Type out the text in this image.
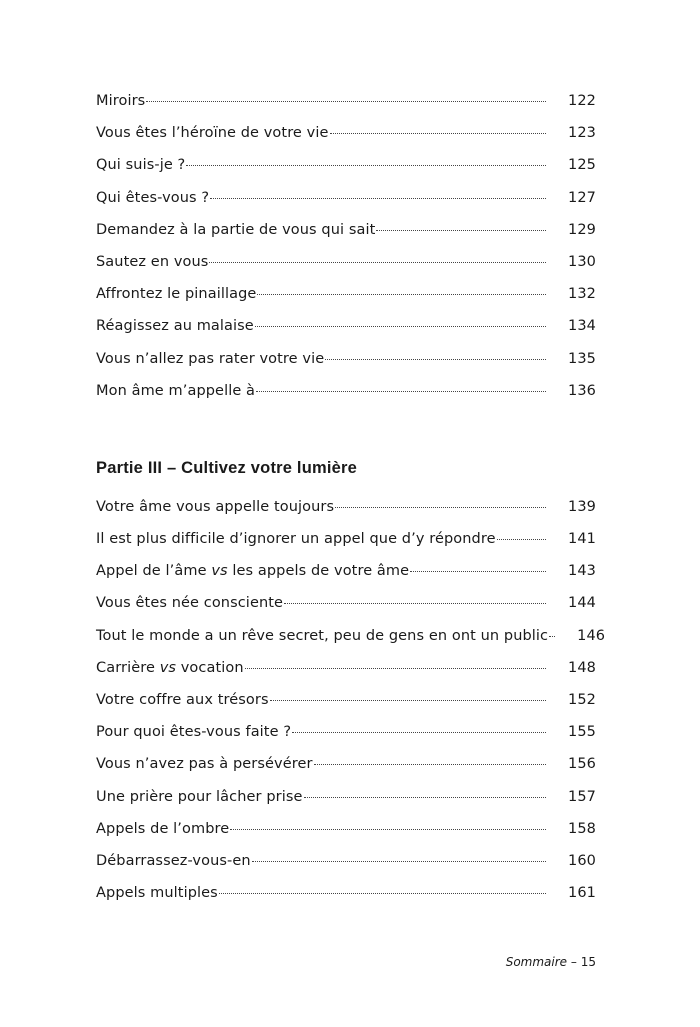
Miroirs	122
Vous êtes l’héroïne de votre vie	123
Qui suis-je ?	125
Qui êtes-vous ?	127
Demandez à la partie de vous qui sait	129
Sautez en vous	130
Affrontez le pinaillage	132
Réagissez au malaise	134
Vous n’allez pas rater votre vie	135
Mon âme m’appelle à	136
Partie III – Cultivez votre lumière
Votre âme vous appelle toujours	139
Il est plus difficile d’ignorer un appel que d’y répondre	141
Appel de l’âme vs les appels de votre âme	143
Vous êtes née consciente	144
Tout le monde a un rêve secret, peu de gens en ont un public 146
Carrière vs vocation	148
Votre coffre aux trésors	152
Pour quoi êtes-vous faite ?	155
Vous n’avez pas à persévérer	156
Une prière pour lâcher prise	157
Appels de l’ombre	158
Débarrassez-vous-en	160
Appels multiples	161
Sommaire – 15
